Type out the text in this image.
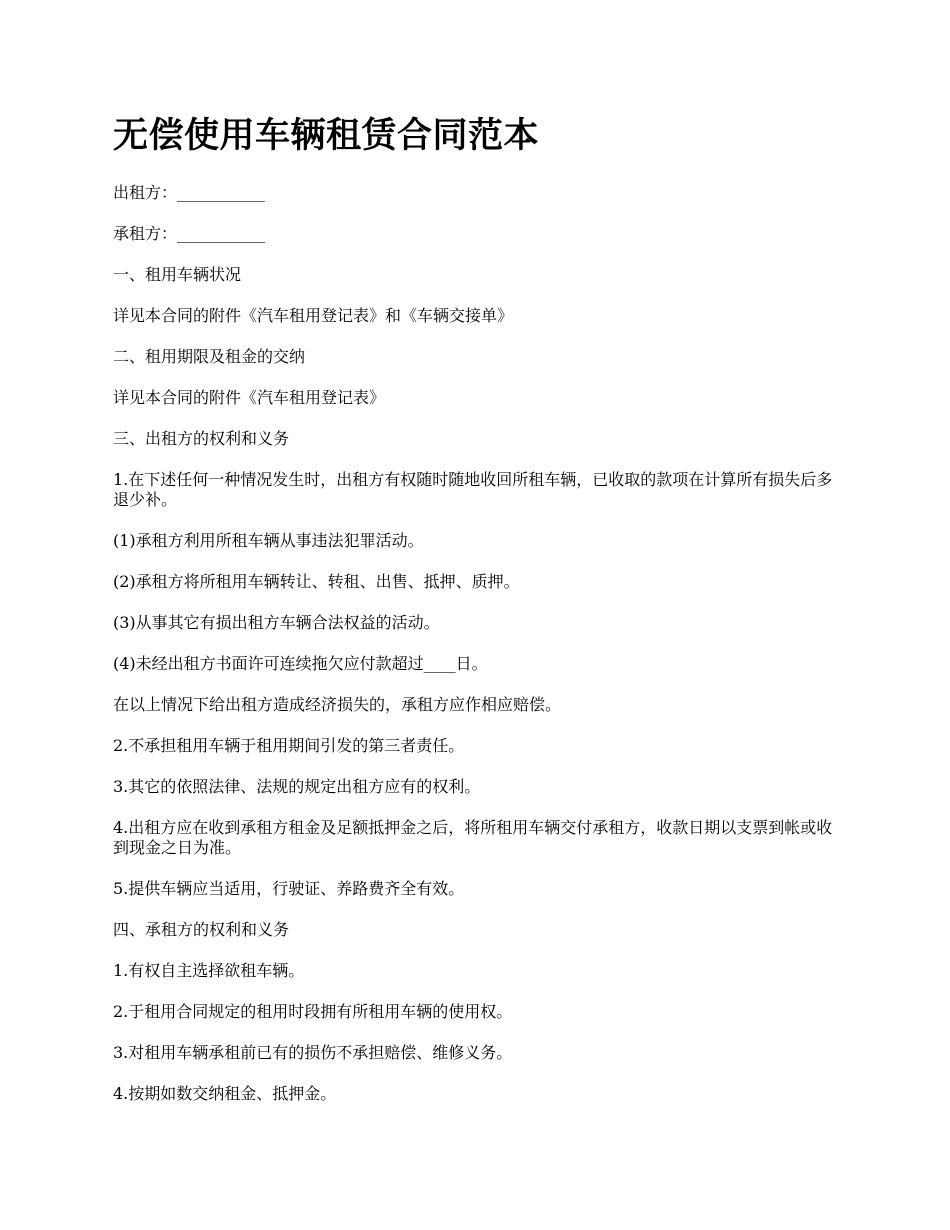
无偿使用车辆租赁合同范本

出租方：___________

承租方：___________

一、租用车辆状况

详见本合同的附件《汽车租用登记表》和《车辆交接单》

二、租用期限及租金的交纳

详见本合同的附件《汽车租用登记表》

三、出租方的权利和义务

1.在下述任何一种情况发生时，出租方有权随时随地收回所租车辆，已收取的款项在计算所有损失后多退少补。

(1)承租方利用所租车辆从事违法犯罪活动。

(2)承租方将所租用车辆转让、转租、出售、抵押、质押。

(3)从事其它有损出租方车辆合法权益的活动。

(4)未经出租方书面许可连续拖欠应付款超过____日。

在以上情况下给出租方造成经济损失的，承租方应作相应赔偿。

2.不承担租用车辆于租用期间引发的第三者责任。

3.其它的依照法律、法规的规定出租方应有的权利。

4.出租方应在收到承租方租金及足额抵押金之后，将所租用车辆交付承租方，收款日期以支票到帐或收到现金之日为准。

5.提供车辆应当适用，行驶证、养路费齐全有效。

四、承租方的权利和义务

1.有权自主选择欲租车辆。

2.于租用合同规定的租用时段拥有所租用车辆的使用权。

3.对租用车辆承租前已有的损伤不承担赔偿、维修义务。

4.按期如数交纳租金、抵押金。
